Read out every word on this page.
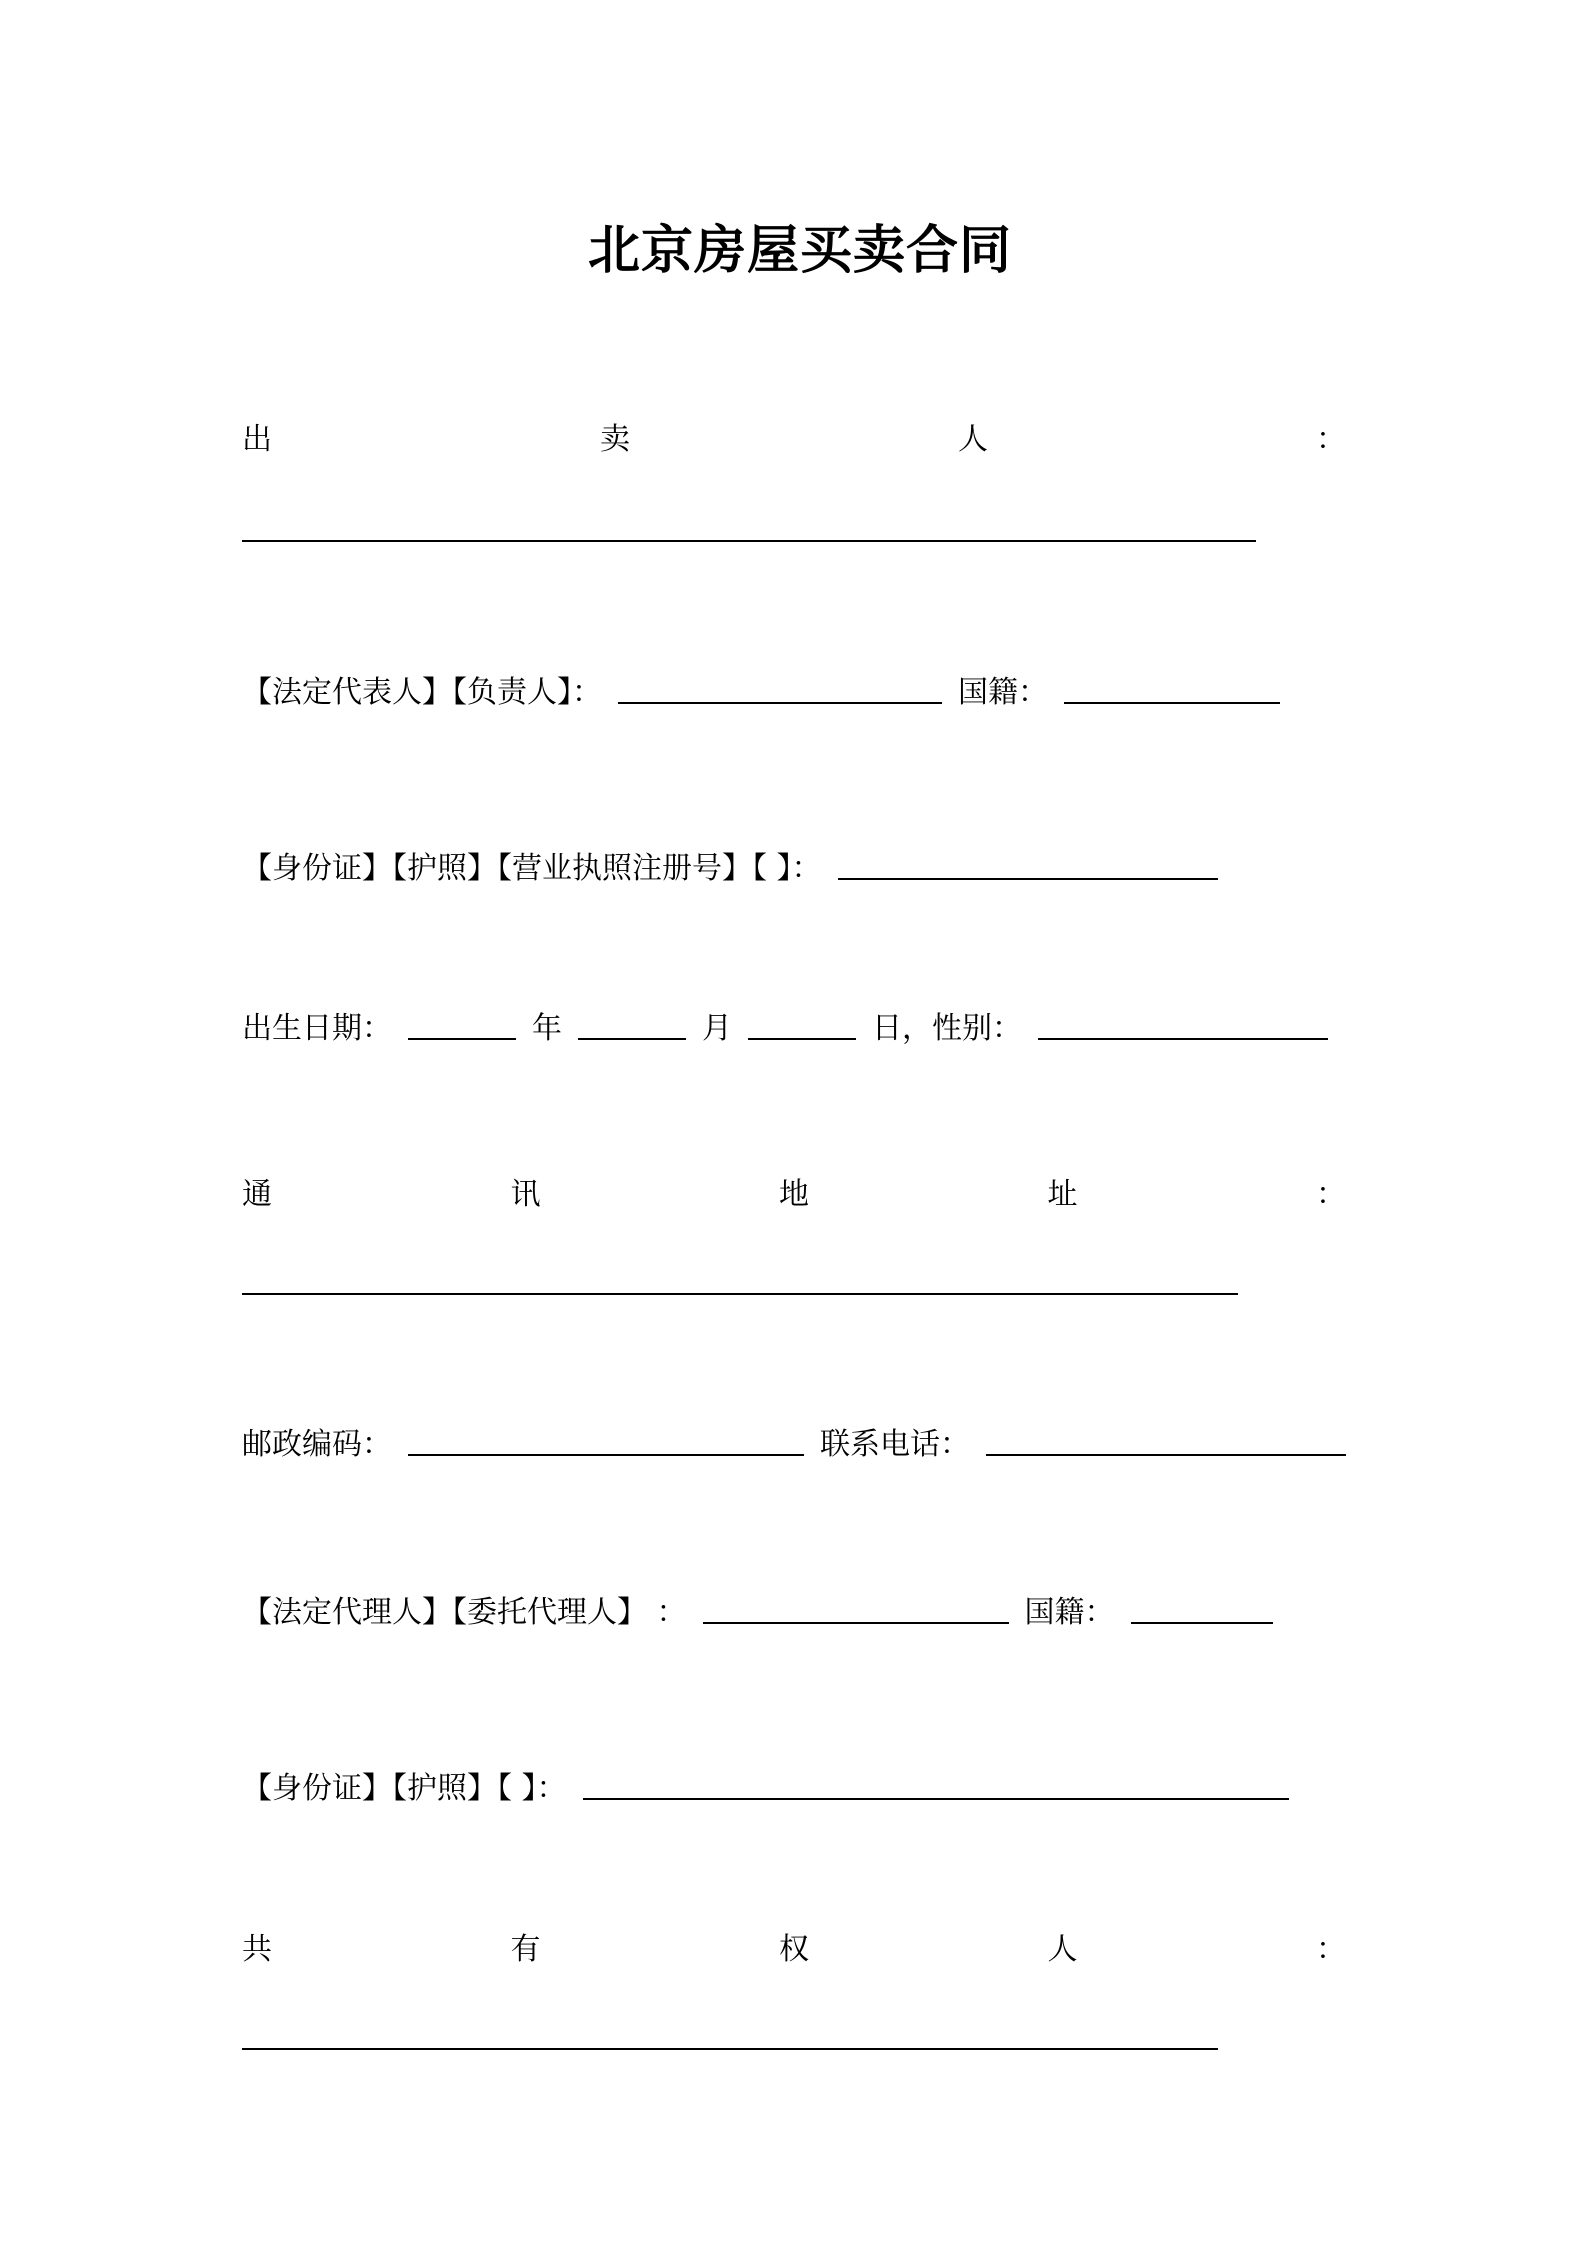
北京房屋买卖合同
出	卖	人	：
【法定代表人】【负责人】：	国籍：
【身份证】【护照】【营业执照注册号】【 】：
出生日期：	年	月	日，性别：
通	讯	地	址	：
邮政编码：	联系电话：
【法定代理人】【委托代理人】 ：	国籍：
【身份证】【护照】【 】：
共	有	权	人	：
